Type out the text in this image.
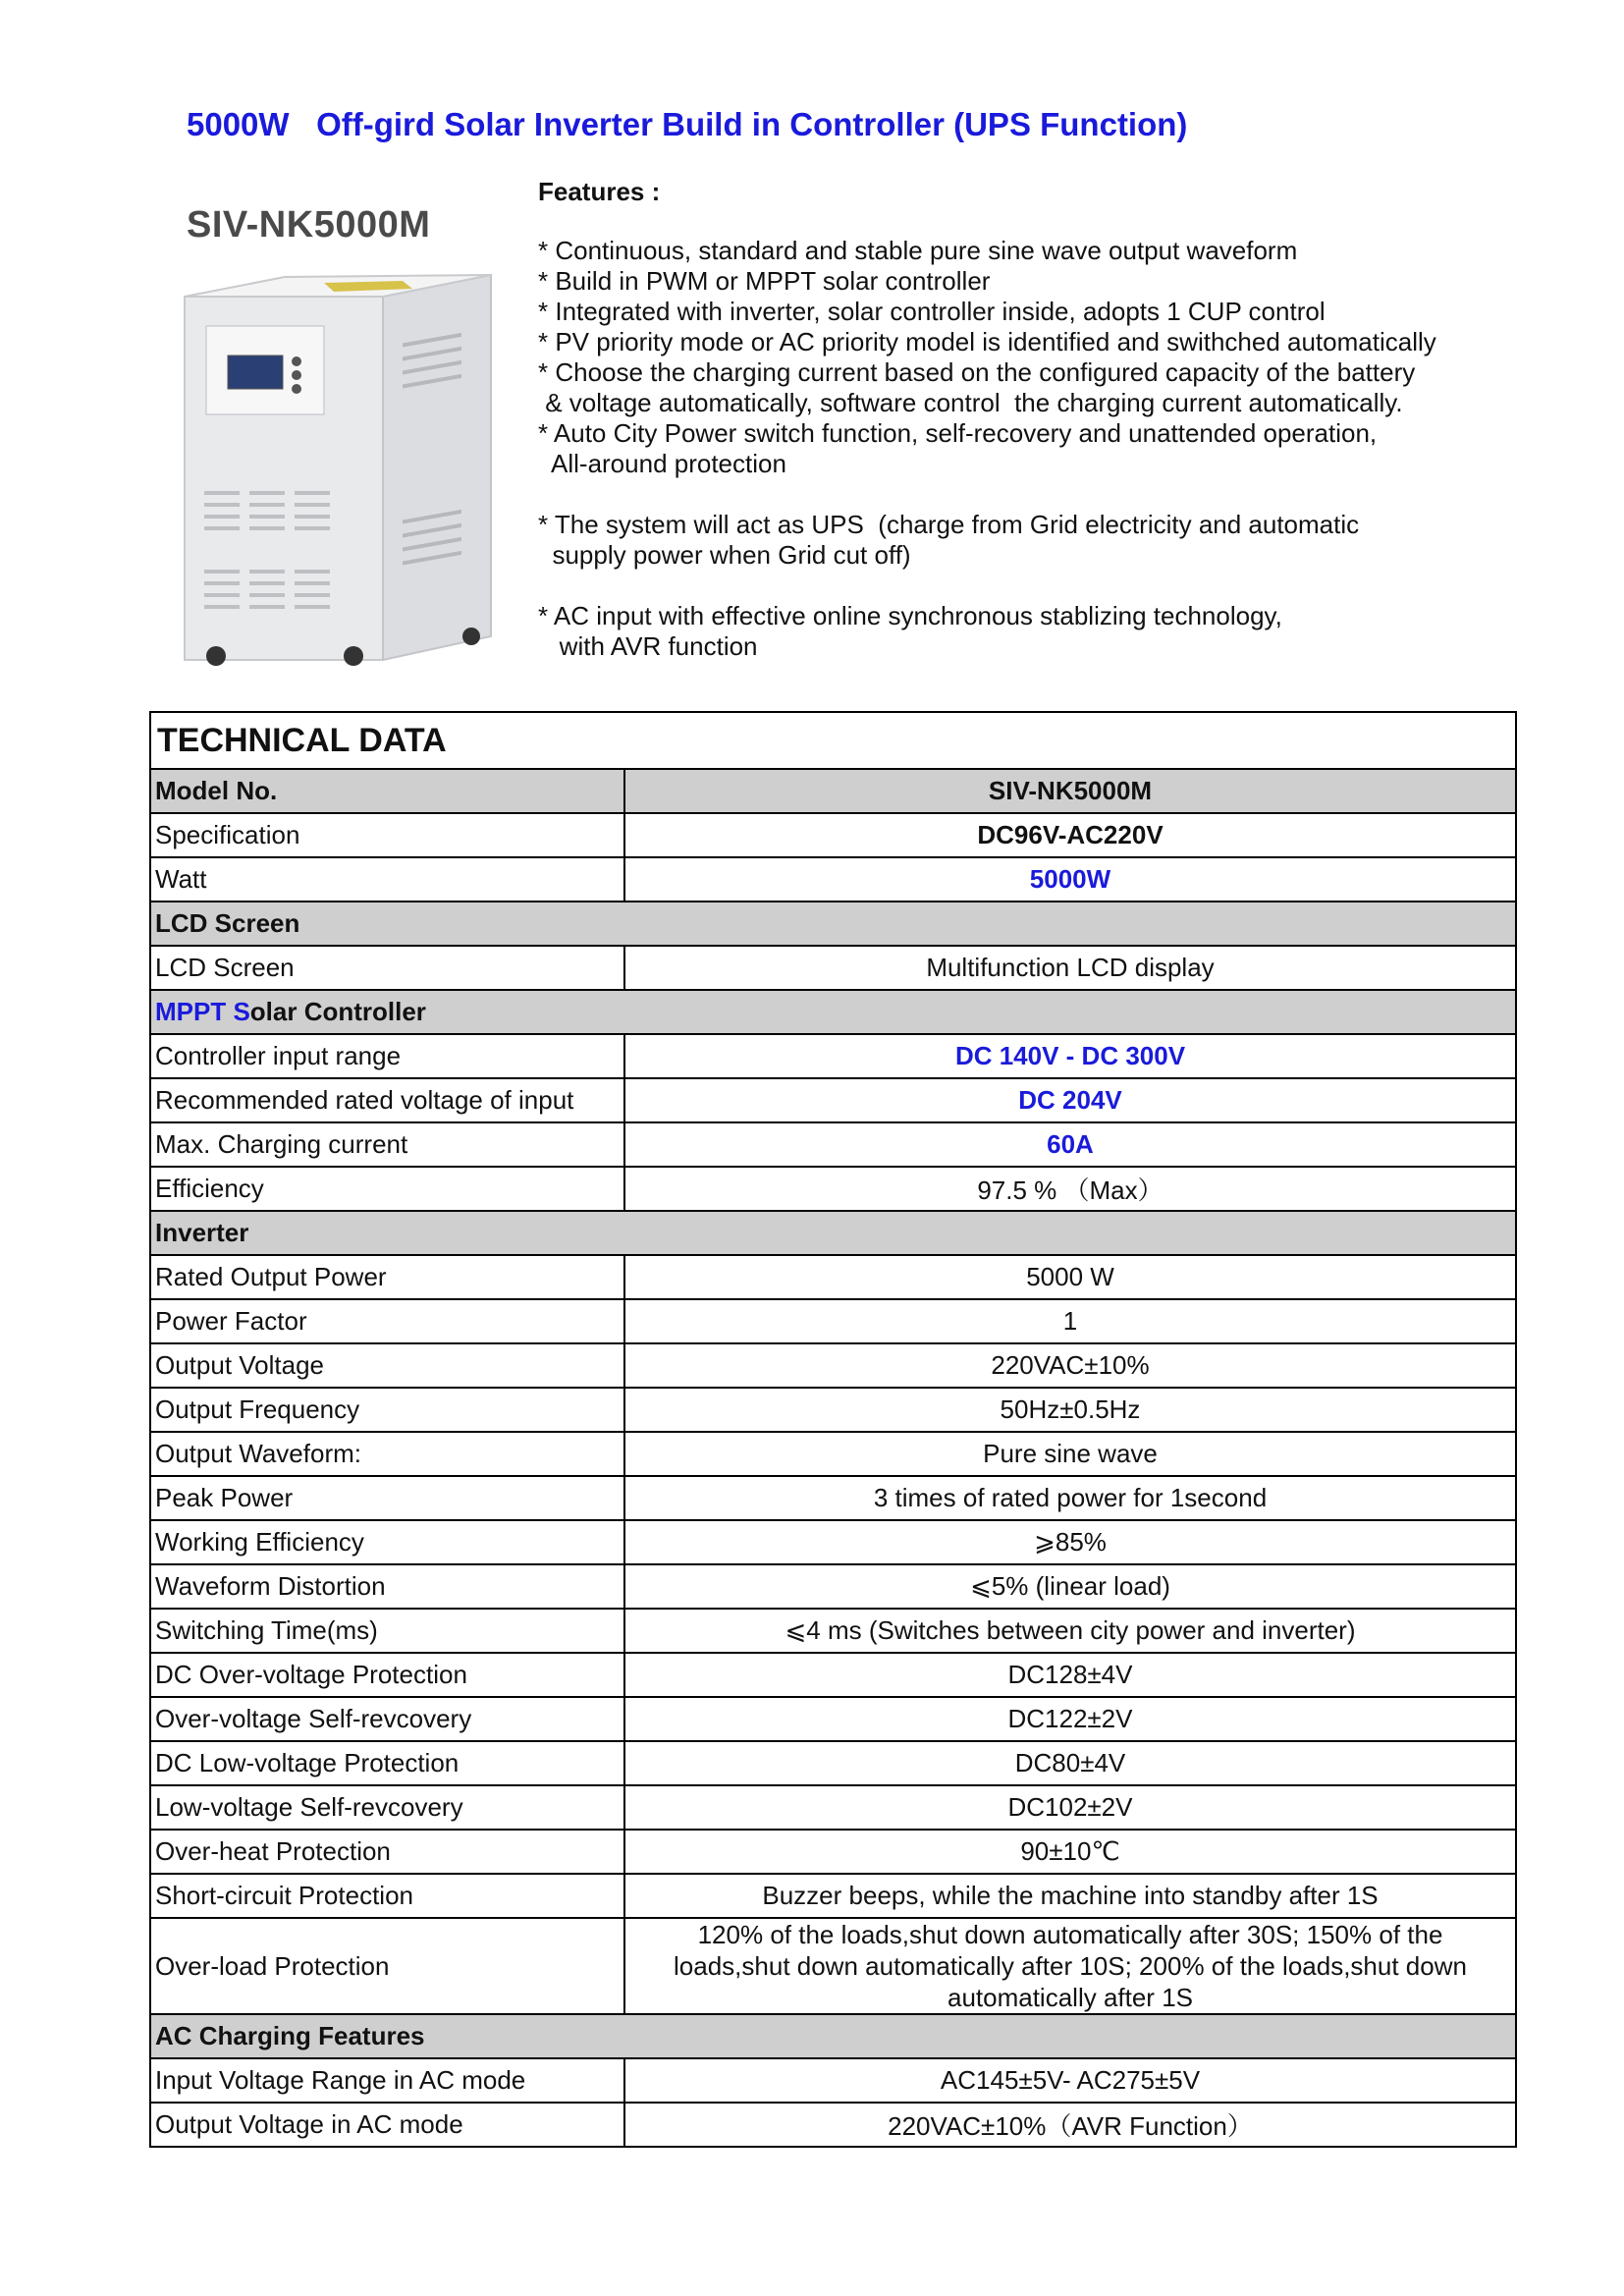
5000W   Off-gird Solar Inverter Build in Controller (UPS Function)
SIV-NK5000M
Features :
* Continuous, standard and stable pure sine wave output waveform
* Build in PWM or MPPT solar controller
* Integrated with inverter, solar controller inside, adopts 1 CUP control
* PV priority mode or AC priority model is identified and swithched automatically
* Choose the charging current based on the configured capacity of the battery
& voltage automatically, software control  the charging current automatically.
* Auto City Power switch function, self-recovery and unattended operation,
All-around protection
* The system will act as UPS  (charge from Grid electricity and automatic
supply power when Grid cut off)
* AC input with effective online synchronous stablizing technology,
with AVR function
TECHNICAL DATA	
Model No.	SIV-NK5000M
Specification	DC96V-AC220V
Watt	5000W
LCD Screen	
LCD Screen	Multifunction LCD display
MPPT Solar Controller	
Controller input range	DC 140V - DC 300V
Recommended rated voltage of input	DC 204V
Max. Charging current	60A
Efficiency	97.5 % （Max）
Inverter	
Rated Output Power	5000 W
Power Factor	1
Output Voltage	220VAC±10%
Output Frequency	50Hz±0.5Hz
Output Waveform:	Pure sine wave
Peak Power	3 times of rated power for 1second
Working Efficiency	⩾85%
Waveform Distortion	⩽5% (linear load)
Switching Time(ms)	⩽4 ms (Switches between city power and inverter)
DC Over-voltage Protection	DC128±4V
Over-voltage Self-revcovery	DC122±2V
DC Low-voltage Protection	DC80±4V
Low-voltage Self-revcovery	DC102±2V
Over-heat Protection	90±10℃
Short-circuit Protection	Buzzer beeps, while the machine into standby after 1S
Over-load Protection	120% of the loads,shut down automatically after 30S; 150% of the
loads,shut down automatically after 10S; 200% of the loads,shut down
automatically after 1S

AC Charging Features	
Input Voltage Range in AC mode	AC145±5V- AC275±5V
Output Voltage in AC mode	220VAC±10%（AVR Function）
